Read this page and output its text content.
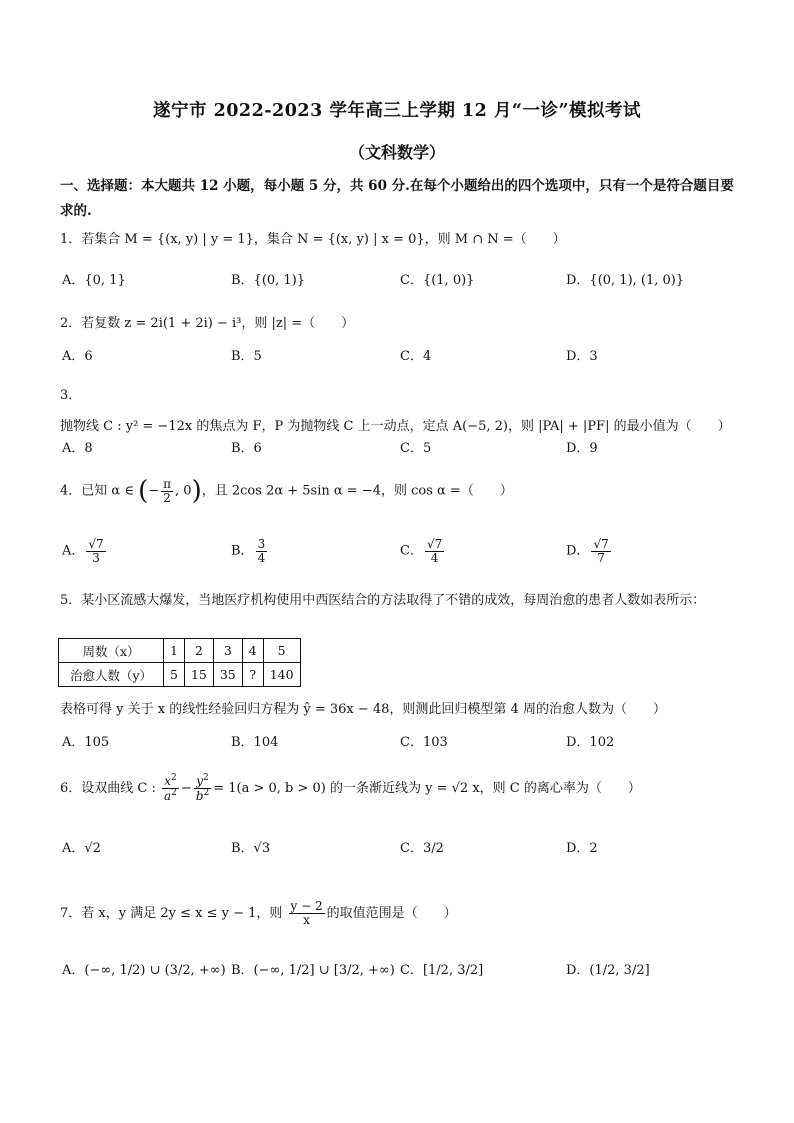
遂宁市 2022-2023 学年高三上学期 12 月“一诊”模拟考试
（文科数学）
一、选择题：本大题共 12 小题，每小题 5 分，共 60 分.在每个小题给出的四个选项中，只有一个是符合题目要求的.
1．若集合 M = {(x, y) | y = 1}，集合 N = {(x, y) | x = 0}，则 M ∩ N =（　　）
A．{0, 1}	B．{(0, 1)}	C．{(1, 0)}	D．{(0, 1), (1, 0)}
2．若复数 z = 2i(1 + 2i) − i³，则 |z| =（　　）
A．6	B．5	C．4	D．3
3．抛物线 C : y² = −12x 的焦点为 F，P 为抛物线 C 上一动点，定点 A(−5, 2)，则 |PA| + |PF| 的最小值为（　　）
A．8	B．6	C．5	D．9
4．已知 α ∈ (− $\frac{\pi}{2}$ , 0)，且 2cos 2α + 5sin α = −4，则 cos α =（　　）
A． $\frac{√7}{3}$	B． $\frac{3}{4}$	C． $\frac{√7}{4}$	D． $\frac{√7}{7}$
5．某小区流感大爆发，当地医疗机构使用中西医结合的方法取得了不错的成效，每周治愈的患者人数如表所示：
周数（x）	1	2	3	4	5
治愈人数（y）	5	15	35	?	140
表格可得 y 关于 x 的线性经验回归方程为 ŷ = 36x − 48，则测此回归模型第 4 周的治愈人数为（　　）
A．105	B．104	C．103	D．102
6．设双曲线 C : $\frac{x^2}{a^2} - \frac{y^2}{b^2} = 1(a > 0$, b > 0) 的一条渐近线为 y = √2 x，则 C 的离心率为（　　）
A．√2	B．√3	C．3/2	D．2
7．若 x，y 满足 2y ≤ x ≤ y − 1，则 $\frac{y - 2}{x}$ 的取值范围是（　　）
A．(−∞, 1/2) ∪ (3/2, +∞) B．(−∞, 1/2] ∪ [3/2, +∞) C．[1/2, 3/2]	D．(1/2, 3/2]
